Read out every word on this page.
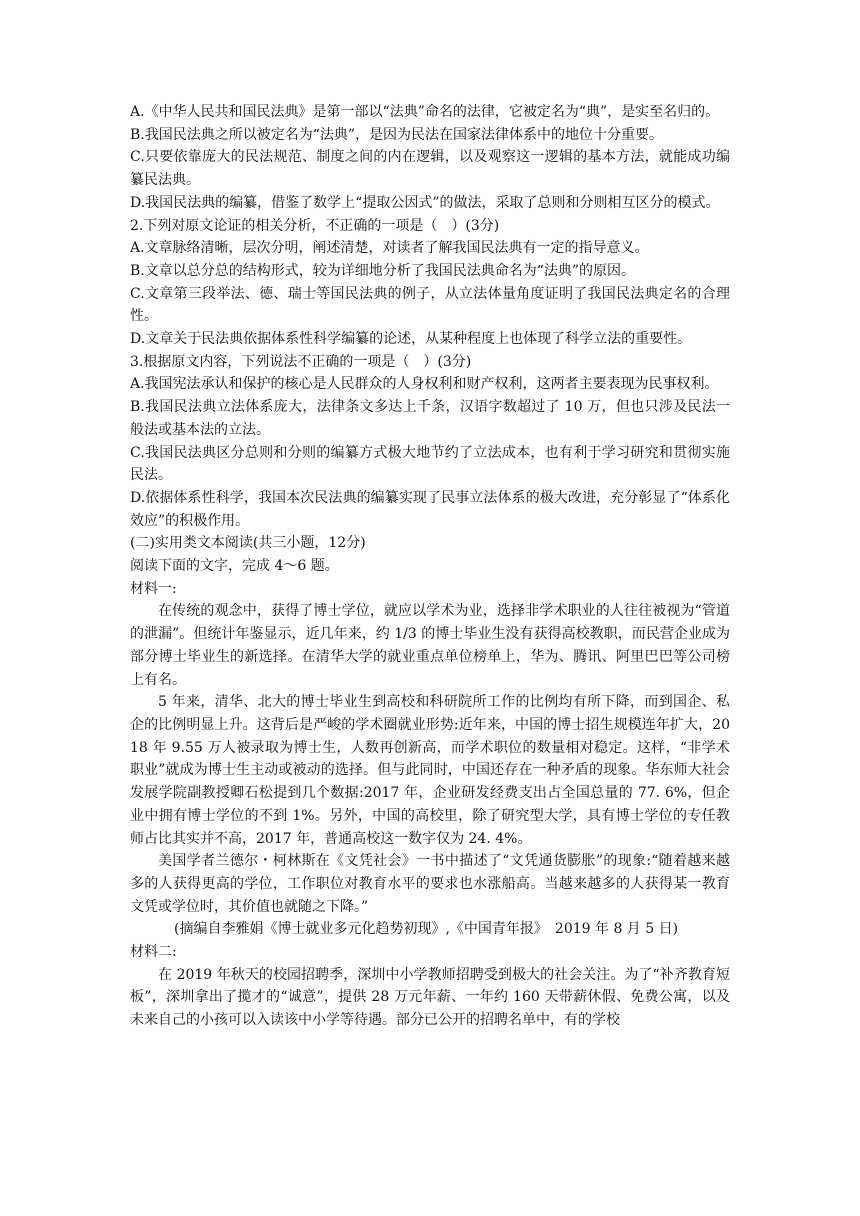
A.《中华人民共和国民法典》是第一部以“法典”命名的法律，它被定名为“典”，是实至名归的。

B.我国民法典之所以被定名为“法典”，是因为民法在国家法律体系中的地位十分重要。

C.只要依靠庞大的民法规范、制度之间的内在逻辑，以及观察这一逻辑的基本方法，就能成功编纂民法典。

D.我国民法典的编纂，借鉴了数学上“提取公因式”的做法，采取了总则和分则相互区分的模式。

2.下列对原文论证的相关分析，不正确的一项是（　）(3分)

A.文章脉络清晰，层次分明，阐述清楚，对读者了解我国民法典有一定的指导意义。

B.文章以总分总的结构形式，较为详细地分析了我国民法典命名为“法典”的原因。

C.文章第三段举法、德、瑞士等国民法典的例子，从立法体量角度证明了我国民法典定名的合理性。

D.文章关于民法典依据体系性科学编纂的论述，从某种程度上也体现了科学立法的重要性。

3.根据原文内容，下列说法不正确的一项是（　）(3分)

A.我国宪法承认和保护的核心是人民群众的人身权利和财产权利，这两者主要表现为民事权利。

B.我国民法典立法体系庞大，法律条文多达上千条，汉语字数超过了 10 万，但也只涉及民法一般法或基本法的立法。

C.我国民法典区分总则和分则的编纂方式极大地节约了立法成本，也有利于学习研究和贯彻实施民法。

D.依据体系性科学，我国本次民法典的编纂实现了民事立法体系的极大改进，充分彰显了“体系化效应”的积极作用。

(二)实用类文本阅读(共三小题，12分)

阅读下面的文字，完成 4～6 题。

材料一:

在传统的观念中，获得了博士学位，就应以学术为业，选择非学术职业的人往往被视为“管道的泄漏”。但统计年鉴显示，近几年来，约 1/3 的博士毕业生没有获得高校教职，而民营企业成为部分博士毕业生的新选择。在清华大学的就业重点单位榜单上，华为、腾讯、阿里巴巴等公司榜上有名。

5 年来，清华、北大的博士毕业生到高校和科研院所工作的比例均有所下降，而到国企、私企的比例明显上升。这背后是严峻的学术圈就业形势:近年来，中国的博士招生规模连年扩大，2018 年 9.55 万人被录取为博士生，人数再创新高，而学术职位的数量相对稳定。这样，“非学术职业”就成为博士生主动或被动的选择。但与此同时，中国还存在一种矛盾的现象。华东师大社会发展学院副教授卿石松提到几个数据:2017 年，企业研发经费支出占全国总量的 77. 6%，但企业中拥有博士学位的不到 1%。另外，中国的高校里，除了研究型大学，具有博士学位的专任教师占比其实并不高，2017 年，普通高校这一数字仅为 24. 4%。

美国学者兰德尔・柯林斯在《文凭社会》一书中描述了“文凭通货膨胀”的现象:“随着越来越多的人获得更高的学位，工作职位对教育水平的要求也水涨船高。当越来越多的人获得某一教育文凭或学位时，其价值也就随之下降。”

(摘编自李雅娟《博士就业多元化趋势初现》,《中国青年报》　2019 年 8 月 5 日)

材料二:

在 2019 年秋天的校园招聘季，深圳中小学教师招聘受到极大的社会关注。为了“补齐教育短板”，深圳拿出了揽才的“诚意”，提供 28 万元年薪、一年约 160 天带薪休假、免费公寓，以及未来自己的小孩可以入读该中小学等待遇。部分已公开的招聘名单中，有的学校
